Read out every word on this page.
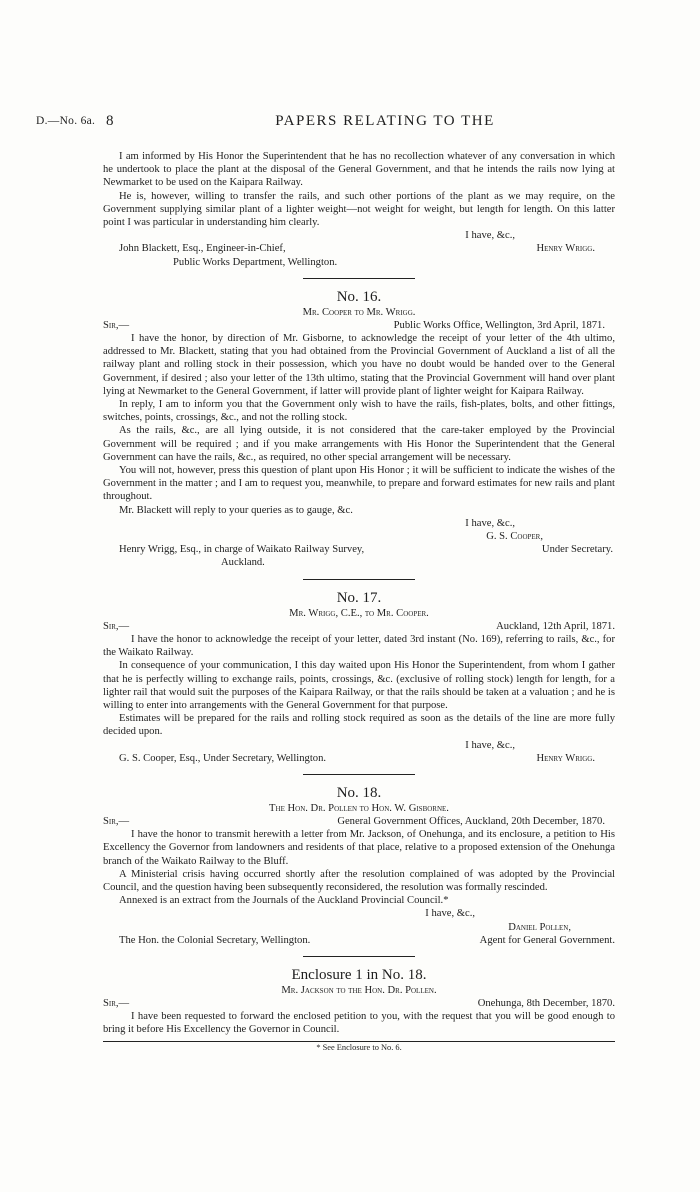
D.—No. 6a. 8	PAPERS RELATING TO THE

I am informed by His Honor the Superintendent that he has no recollection whatever of any conversation in which he undertook to place the plant at the disposal of the General Government, and that he intends the rails now lying at Newmarket to be used on the Kaipara Railway.

He is, however, willing to transfer the rails, and such other portions of the plant as we may require, on the Government supplying similar plant of a lighter weight—not weight for weight, but length for length. On this latter point I was particular in understanding him clearly.

I have, &c.,
John Blackett, Esq., Engineer-in-Chief,	Henry Wrigg.
Public Works Department, Wellington.
No. 16.
Mr. Cooper to Mr. Wrigg.
Sir,—	Public Works Office, Wellington, 3rd April, 1871.

I have the honor, by direction of Mr. Gisborne, to acknowledge the receipt of your letter of the 4th ultimo, addressed to Mr. Blackett, stating that you had obtained from the Provincial Government of Auckland a list of all the railway plant and rolling stock in their possession, which you have no doubt would be handed over to the General Government, if desired ; also your letter of the 13th ultimo, stating that the Provincial Government will hand over plant lying at Newmarket to the General Government, if latter will provide plant of lighter weight for Kaipara Railway.

In reply, I am to inform you that the Government only wish to have the rails, fish-plates, bolts, and other fittings, switches, points, crossings, &c., and not the rolling stock.

As the rails, &c., are all lying outside, it is not considered that the care-taker employed by the Provincial Government will be required ; and if you make arrangements with His Honor the Superintendent that the General Government can have the rails, &c., as required, no other special arrangement will be necessary.

You will not, however, press this question of plant upon His Honor ; it will be sufficient to indicate the wishes of the Government in the matter ; and I am to request you, meanwhile, to prepare and forward estimates for new rails and plant throughout.

Mr. Blackett will reply to your queries as to gauge, &c.

I have, &c.,
G. S. Cooper,
Henry Wrigg, Esq., in charge of Waikato Railway Survey,	Under Secretary.
Auckland.
No. 17.
Mr. Wrigg, C.E., to Mr. Cooper.
Sir,—	Auckland, 12th April, 1871.

I have the honor to acknowledge the receipt of your letter, dated 3rd instant (No. 169), referring to rails, &c., for the Waikato Railway.

In consequence of your communication, I this day waited upon His Honor the Superintendent, from whom I gather that he is perfectly willing to exchange rails, points, crossings, &c. (exclusive of rolling stock) length for length, for a lighter rail that would suit the purposes of the Kaipara Railway, or that the rails should be taken at a valuation ; and he is willing to enter into arrangements with the General Government for that purpose.

Estimates will be prepared for the rails and rolling stock required as soon as the details of the line are more fully decided upon.

I have, &c.,
G. S. Cooper, Esq., Under Secretary, Wellington.	Henry Wrigg.
No. 18.
The Hon. Dr. Pollen to Hon. W. Gisborne.
Sir,—	General Government Offices, Auckland, 20th December, 1870.

I have the honor to transmit herewith a letter from Mr. Jackson, of Onehunga, and its enclosure, a petition to His Excellency the Governor from landowners and residents of that place, relative to a proposed extension of the Onehunga branch of the Waikato Railway to the Bluff.

A Ministerial crisis having occurred shortly after the resolution complained of was adopted by the Provincial Council, and the question having been subsequently reconsidered, the resolution was formally rescinded.

Annexed is an extract from the Journals of the Auckland Provincial Council.*

I have, &c.,
Daniel Pollen,
The Hon. the Colonial Secretary, Wellington.	Agent for General Government.
Enclosure 1 in No. 18.
Mr. Jackson to the Hon. Dr. Pollen.
Sir,—	Onehunga, 8th December, 1870.

I have been requested to forward the enclosed petition to you, with the request that you will be good enough to bring it before His Excellency the Governor in Council.

* See Enclosure to No. 6.
